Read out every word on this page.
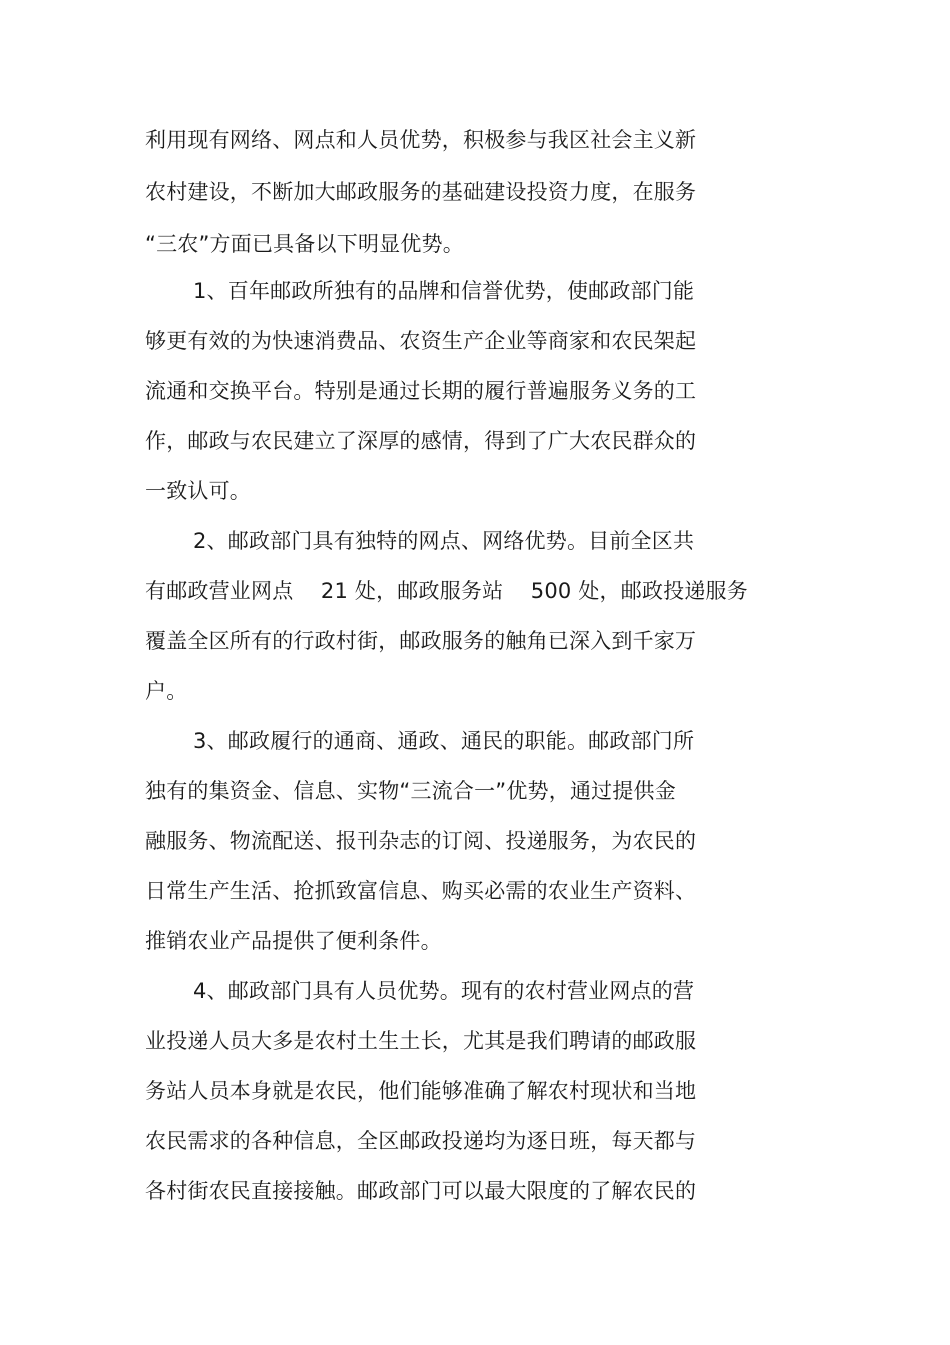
利用现有网络、网点和人员优势，积极参与我区社会主义新
农村建设，不断加大邮政服务的基础建设投资力度，在服务
“三农”方面已具备以下明显优势。
1、百年邮政所独有的品牌和信誉优势，使邮政部门能
够更有效的为快速消费品、农资生产企业等商家和农民架起
流通和交换平台。特别是通过长期的履行普遍服务义务的工
作，邮政与农民建立了深厚的感情，得到了广大农民群众的
一致认可。
2、邮政部门具有独特的网点、网络优势。目前全区共
有邮政营业网点    21 处，邮政服务站    500 处，邮政投递服务
覆盖全区所有的行政村街，邮政服务的触角已深入到千家万
户。
3、邮政履行的通商、通政、通民的职能。邮政部门所
独有的集资金、信息、实物“三流合一”优势，通过提供金
融服务、物流配送、报刊杂志的订阅、投递服务，为农民的
日常生产生活、抢抓致富信息、购买必需的农业生产资料、
推销农业产品提供了便利条件。
4、邮政部门具有人员优势。现有的农村营业网点的营
业投递人员大多是农村土生土长，尤其是我们聘请的邮政服
务站人员本身就是农民，他们能够准确了解农村现状和当地
农民需求的各种信息，全区邮政投递均为逐日班，每天都与
各村街农民直接接触。邮政部门可以最大限度的了解农民的
